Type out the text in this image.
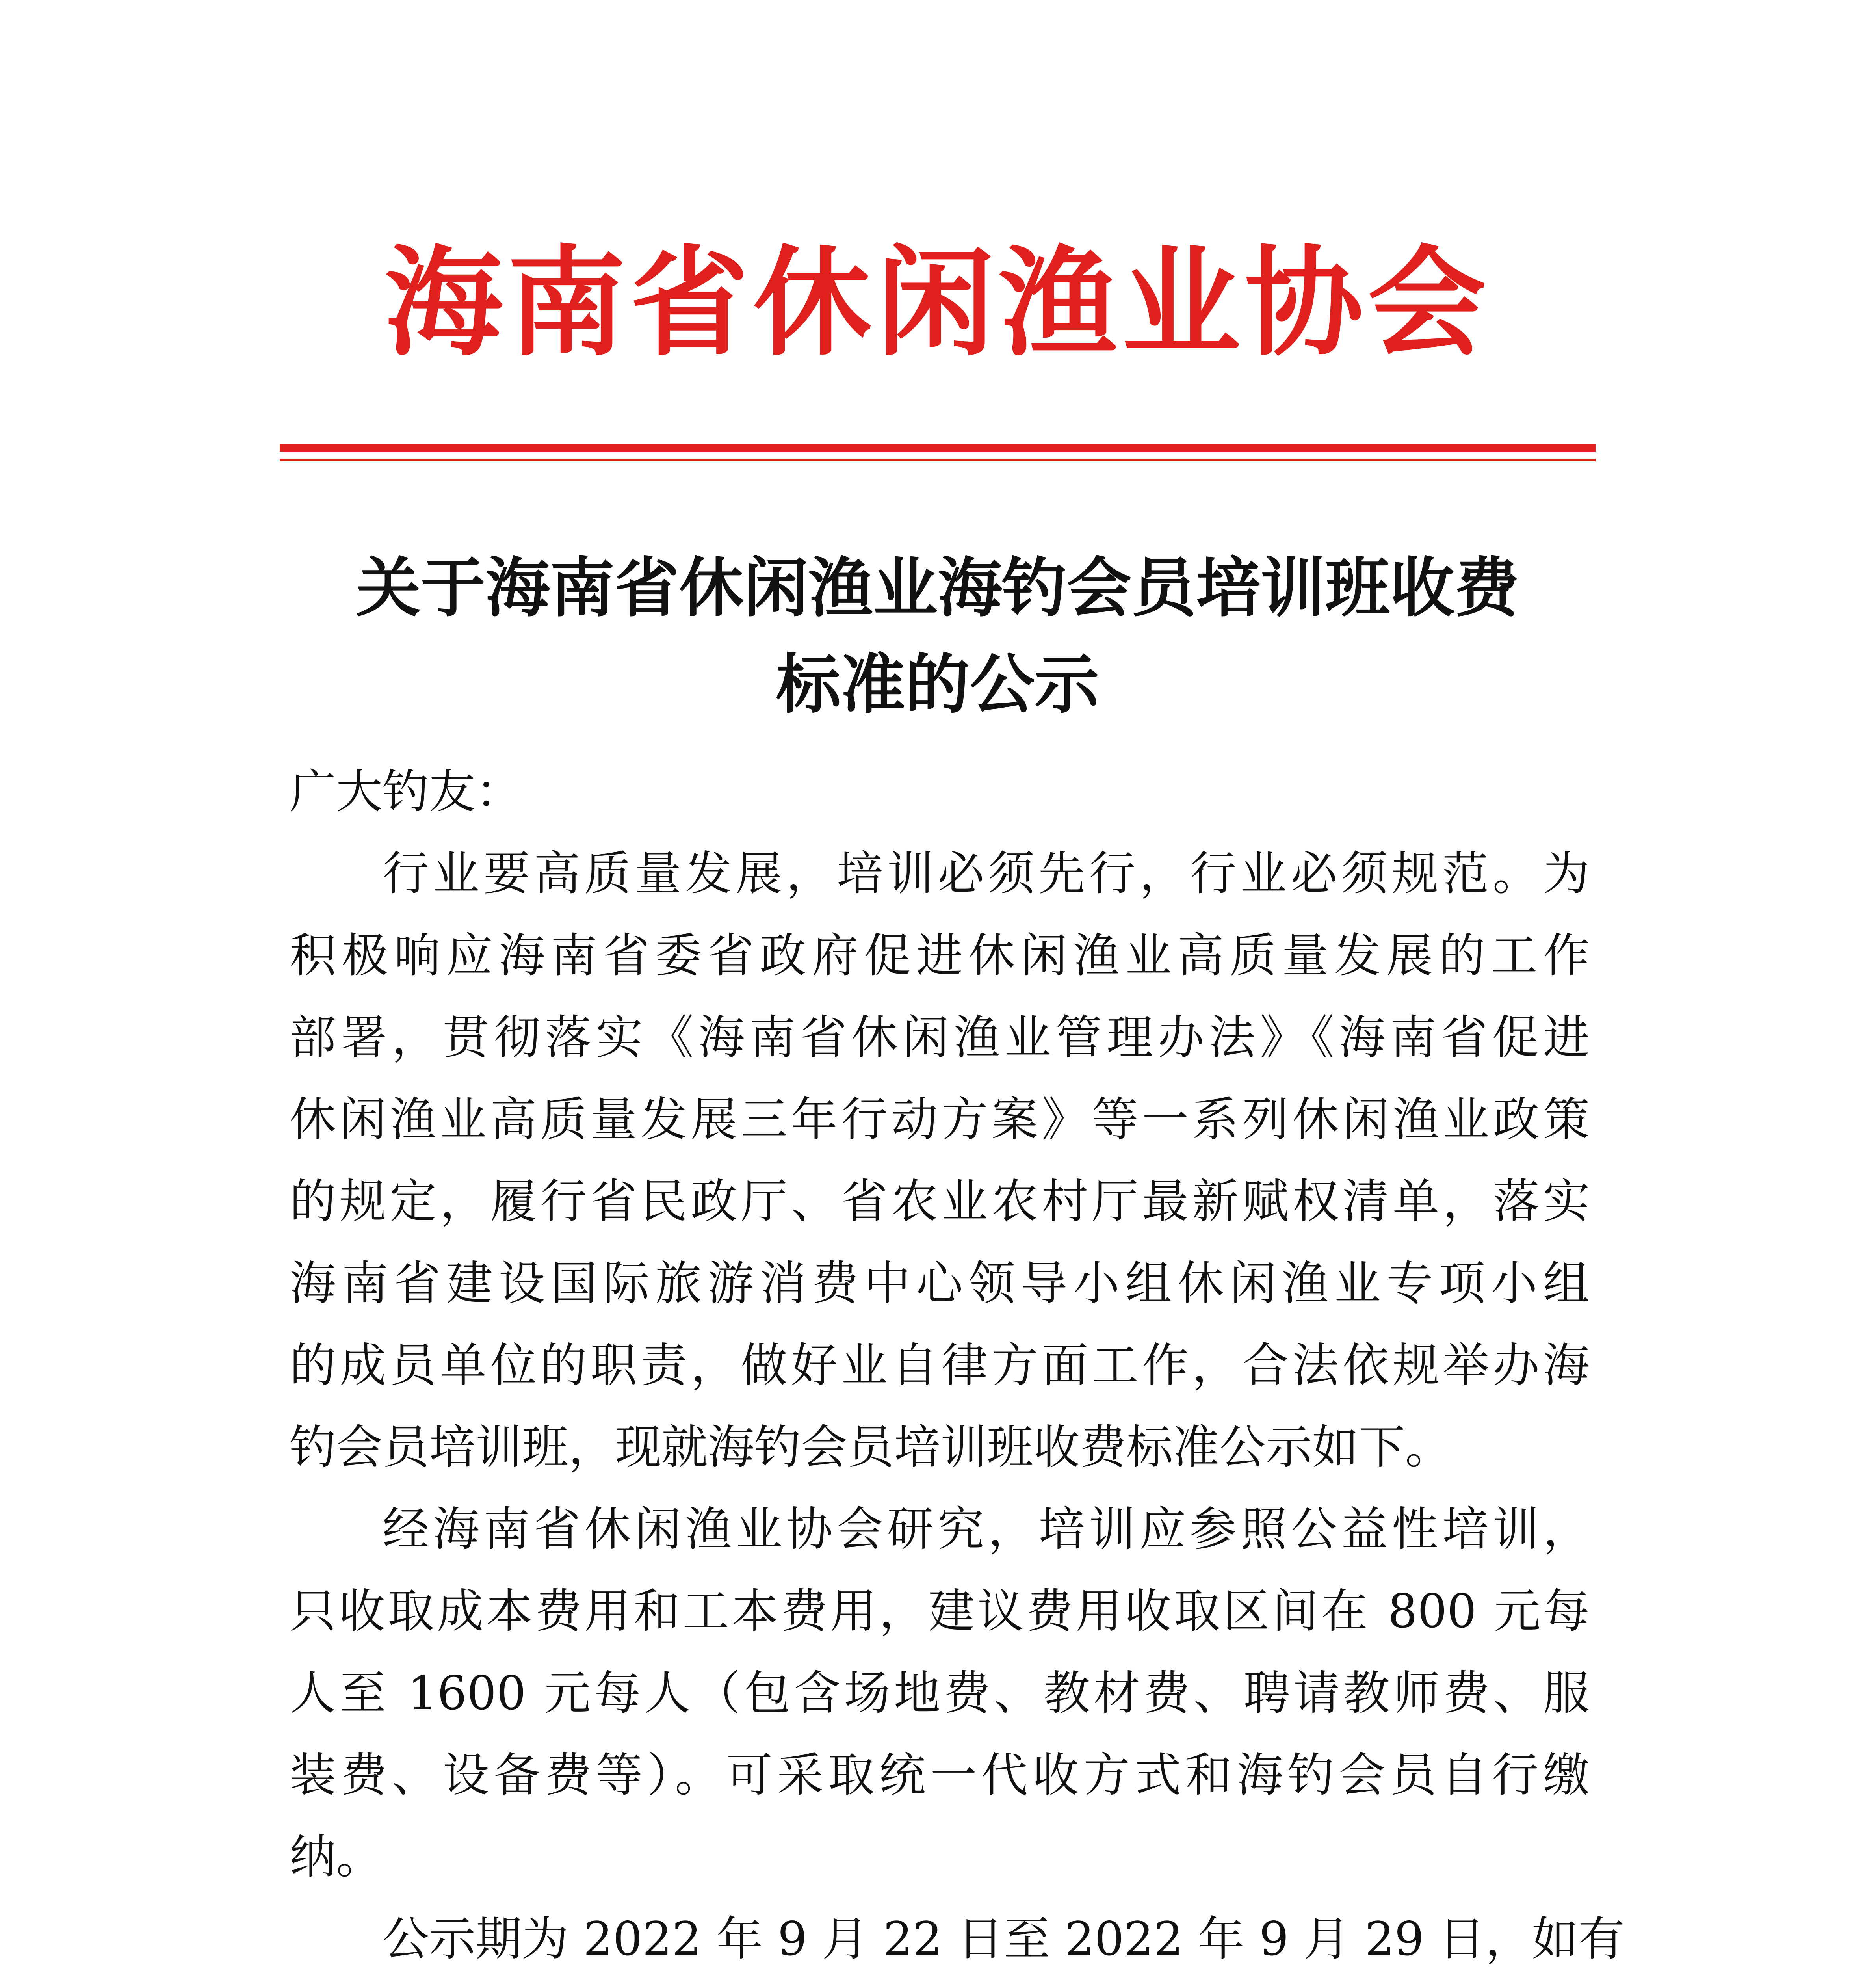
海南省休闲渔业协会
关于海南省休闲渔业海钓会员培训班收费
标准的公示
广大钓友：
行业要高质量发展，培训必须先行，行业必须规范。为
积极响应海南省委省政府促进休闲渔业高质量发展的工作
部署，贯彻落实《海南省休闲渔业管理办法》《海南省促进
休闲渔业高质量发展三年行动方案》等一系列休闲渔业政策
的规定，履行省民政厅、省农业农村厅最新赋权清单，落实
海南省建设国际旅游消费中心领导小组休闲渔业专项小组
的成员单位的职责，做好业自律方面工作，合法依规举办海
钓会员培训班，现就海钓会员培训班收费标准公示如下。
经海南省休闲渔业协会研究，培训应参照公益性培训，
只收取成本费用和工本费用，建议费用收取区间在 800 元每
人至 1600 元每人（包含场地费、教材费、聘请教师费、服
装费、设备费等）。可采取统一代收方式和海钓会员自行缴
纳。
公示期为 2022 年 9 月 22 日至 2022 年 9 月 29 日，如有
